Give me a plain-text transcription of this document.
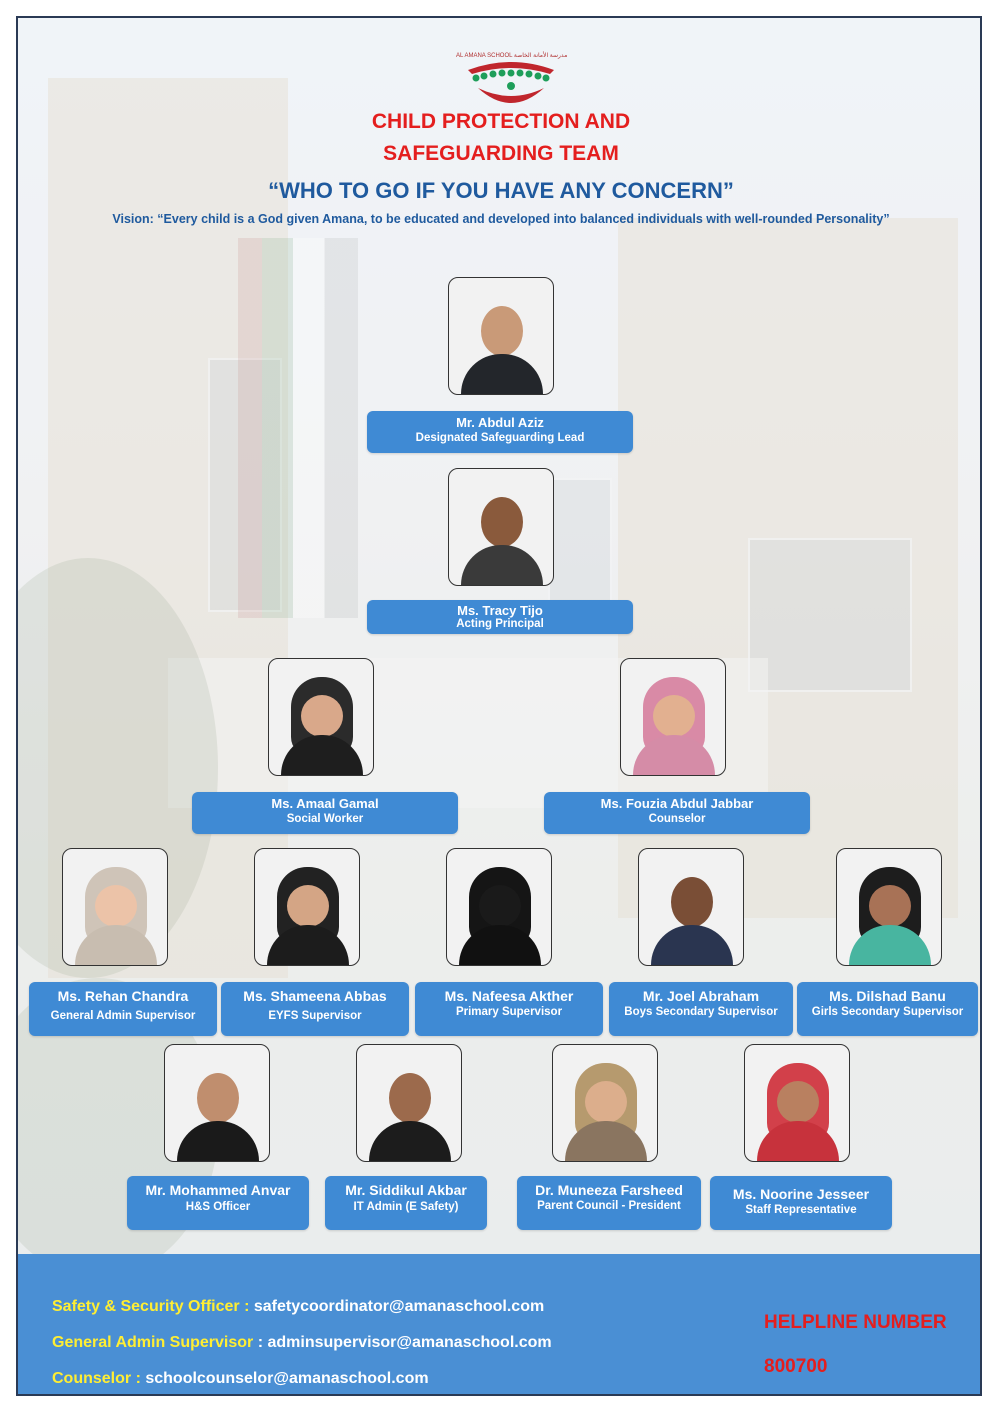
AL AMANA SCHOOL مدرسة الأمانة الخاصة
CHILD PROTECTION AND
SAFEGUARDING TEAM
“WHO TO GO IF YOU HAVE ANY CONCERN”
Vision: “Every child is a God given Amana, to be educated and developed into balanced individuals with well-rounded Personality”
Mr. Abdul Aziz
Designated Safeguarding Lead
Ms. Tracy Tijo
Acting Principal
Ms. Amaal Gamal
Social Worker
Ms. Fouzia Abdul Jabbar
Counselor
Ms. Rehan Chandra
General Admin Supervisor
Ms. Shameena Abbas
EYFS Supervisor
Ms. Nafeesa Akther
Primary Supervisor
Mr. Joel Abraham
Boys Secondary Supervisor
Ms. Dilshad Banu
Girls Secondary Supervisor
Mr. Mohammed Anvar
H&S Officer
Mr. Siddikul Akbar
IT Admin (E Safety)
Dr. Muneeza Farsheed
Parent Council - President
Ms. Noorine Jesseer
Staff Representative
Safety & Security Officer : safetycoordinator@amanaschool.com
General Admin Supervisor : adminsupervisor@amanaschool.com
Counselor : schoolcounselor@amanaschool.com
HELPLINE NUMBER
800700
